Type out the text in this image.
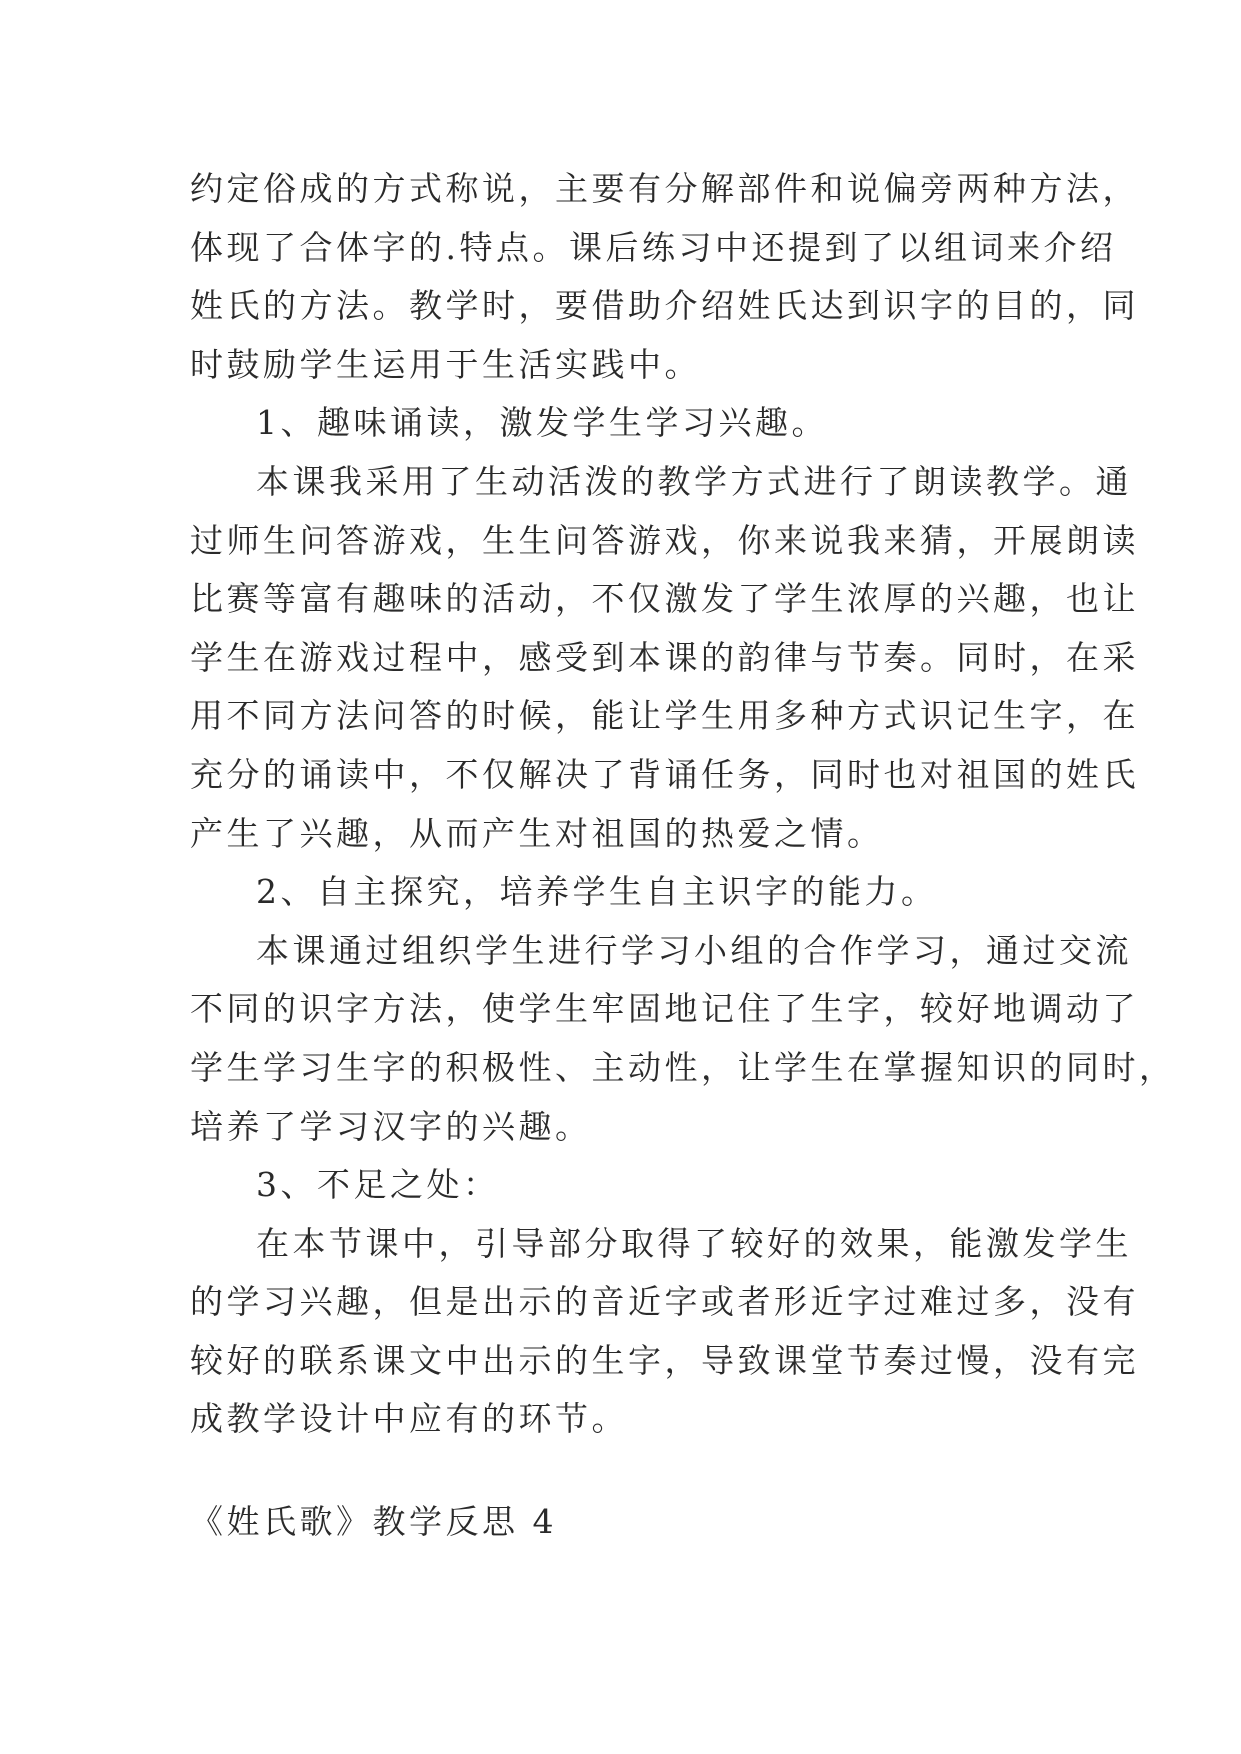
约定俗成的方式称说，主要有分解部件和说偏旁两种方法，
体现了合体字的.特点。课后练习中还提到了以组词来介绍
姓氏的方法。教学时，要借助介绍姓氏达到识字的目的，同
时鼓励学生运用于生活实践中。
1、趣味诵读，激发学生学习兴趣。
本课我采用了生动活泼的教学方式进行了朗读教学。通
过师生问答游戏，生生问答游戏，你来说我来猜，开展朗读
比赛等富有趣味的活动，不仅激发了学生浓厚的兴趣，也让
学生在游戏过程中，感受到本课的韵律与节奏。同时，在采
用不同方法问答的时候，能让学生用多种方式识记生字，在
充分的诵读中，不仅解决了背诵任务，同时也对祖国的姓氏
产生了兴趣，从而产生对祖国的热爱之情。
2、自主探究，培养学生自主识字的能力。
本课通过组织学生进行学习小组的合作学习，通过交流
不同的识字方法，使学生牢固地记住了生字，较好地调动了
学生学习生字的积极性、主动性，让学生在掌握知识的同时，
培养了学习汉字的兴趣。
3、不足之处：
在本节课中，引导部分取得了较好的效果，能激发学生
的学习兴趣，但是出示的音近字或者形近字过难过多，没有
较好的联系课文中出示的生字，导致课堂节奏过慢，没有完
成教学设计中应有的环节。
《姓氏歌》教学反思 4
